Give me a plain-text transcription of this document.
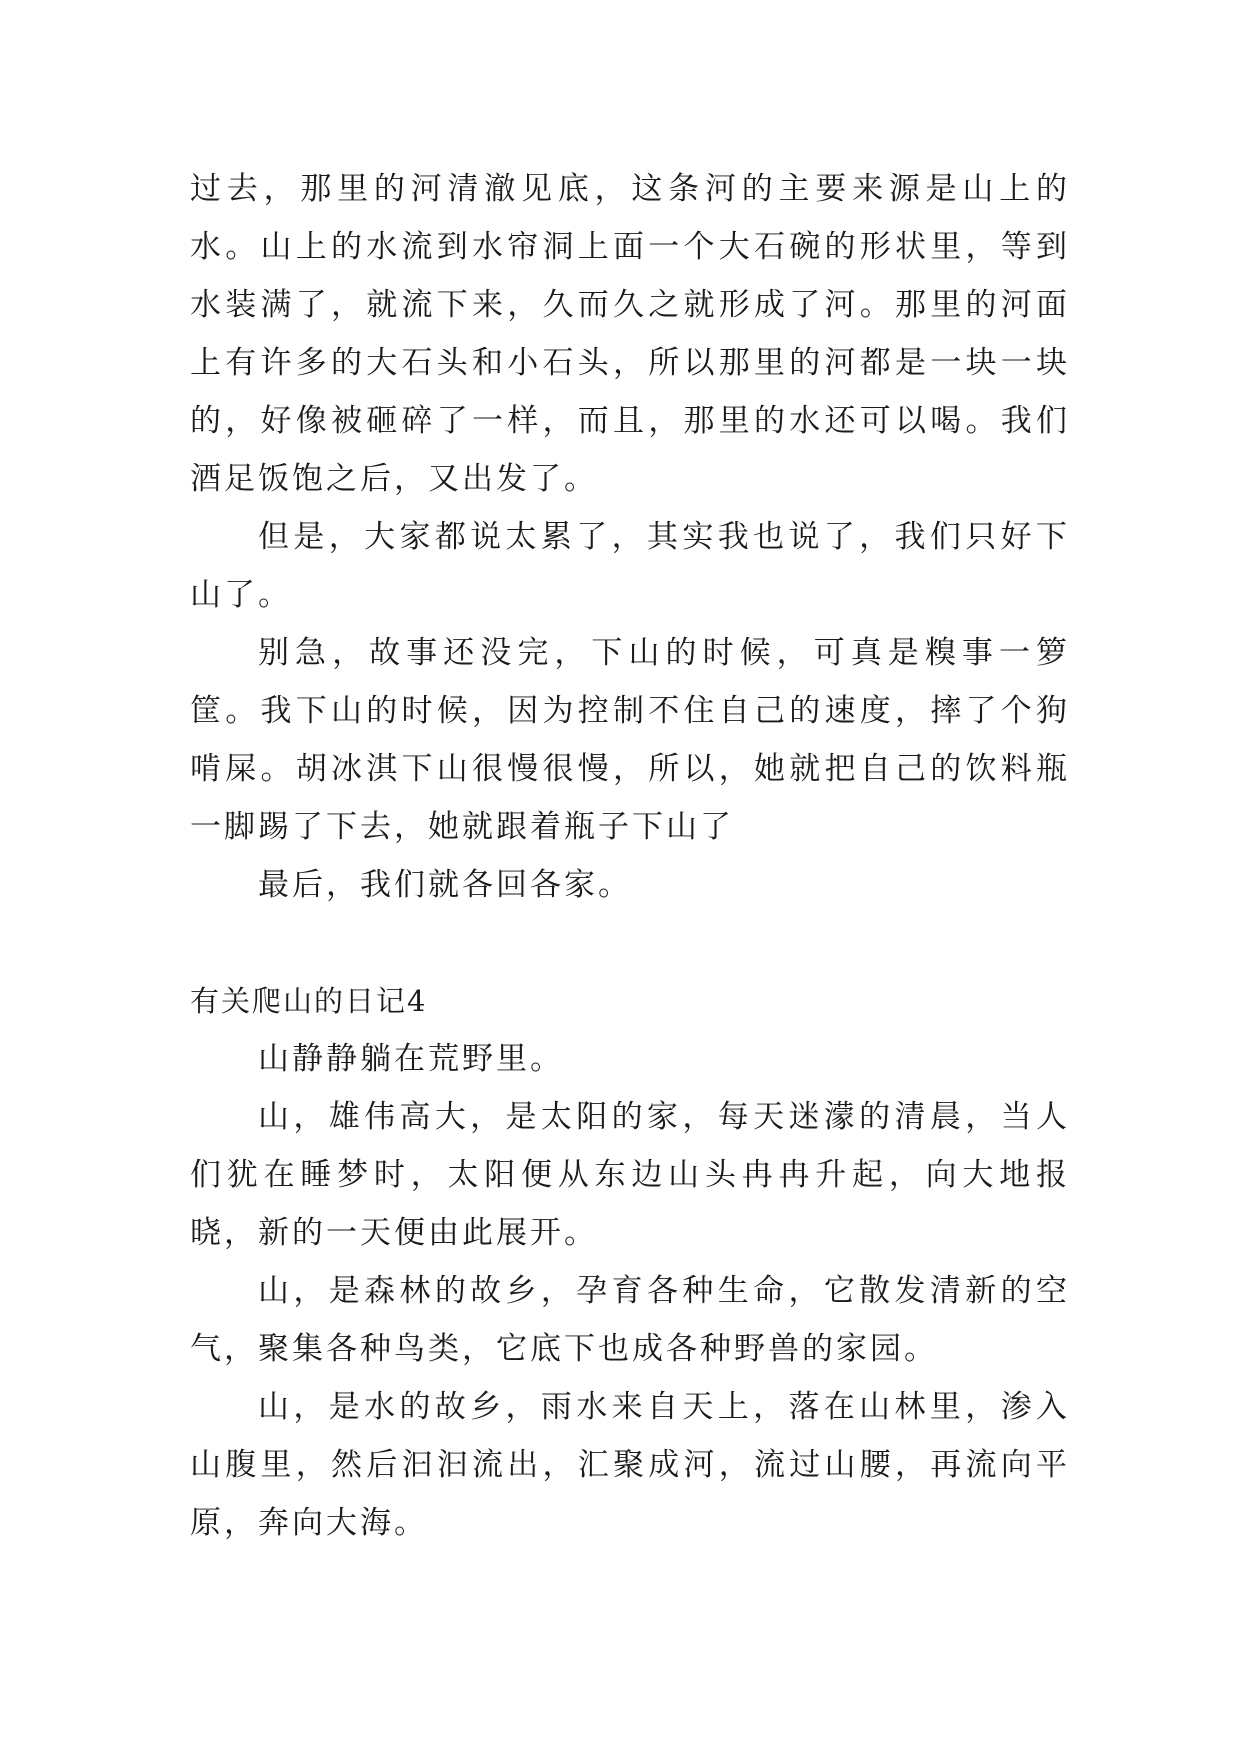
过去，那里的河清澈见底，这条河的主要来源是山上的水。山上的水流到水帘洞上面一个大石碗的形状里，等到水装满了，就流下来，久而久之就形成了河。那里的河面上有许多的大石头和小石头，所以那里的河都是一块一块的，好像被砸碎了一样，而且，那里的水还可以喝。我们酒足饭饱之后，又出发了。

但是，大家都说太累了，其实我也说了，我们只好下山了。

别急，故事还没完，下山的时候，可真是糗事一箩筐。我下山的时候，因为控制不住自己的速度，摔了个狗啃屎。胡冰淇下山很慢很慢，所以，她就把自己的饮料瓶一脚踢了下去，她就跟着瓶子下山了

最后，我们就各回各家。

有关爬山的日记4

山静静躺在荒野里。

山，雄伟高大，是太阳的家，每天迷濛的清晨，当人们犹在睡梦时，太阳便从东边山头冉冉升起，向大地报晓，新的一天便由此展开。

山，是森林的故乡，孕育各种生命，它散发清新的空气，聚集各种鸟类，它底下也成各种野兽的家园。

山，是水的故乡，雨水来自天上，落在山林里，渗入山腹里，然后汩汩流出，汇聚成河，流过山腰，再流向平原，奔向大海。
